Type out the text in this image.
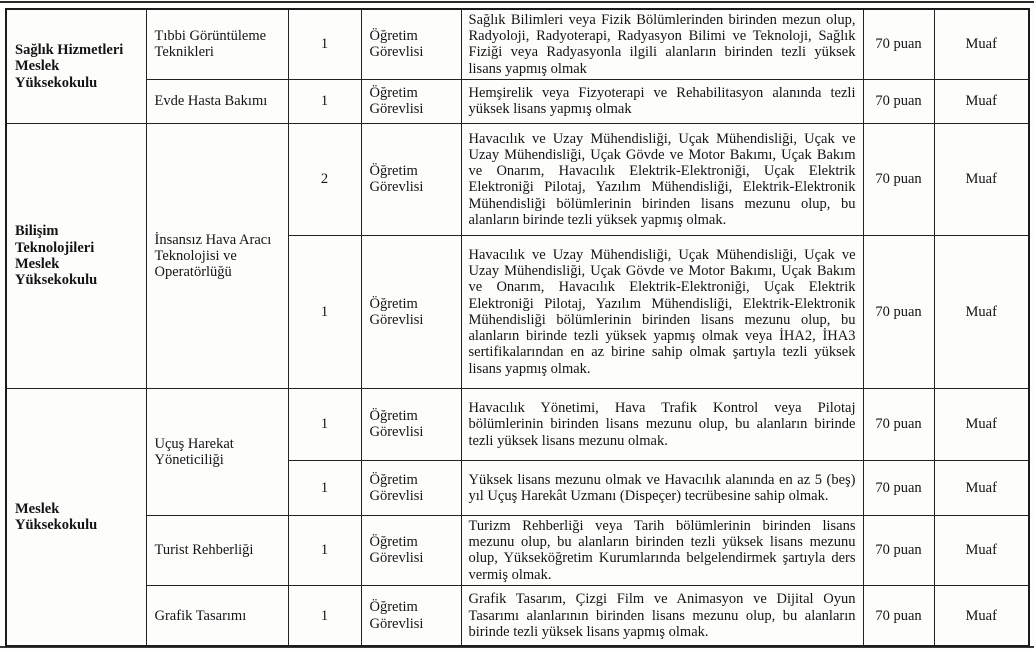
Sağlık Hizmetleri Meslek Yüksekokulu	Tıbbi Görüntüleme Teknikleri	1	Öğretim Görevlisi	Sağlık Bilimleri veya Fizik Bölümlerinden birinden mezun olup, Radyoloji, Radyoterapi, Radyasyon Bilimi ve Teknoloji, Sağlık Fiziği veya Radyasyonla ilgili alanların birinden tezli yüksek lisans yapmış olmak	70 puan	Muaf
	Evde Hasta Bakımı	1	Öğretim Görevlisi	Hemşirelik veya Fizyoterapi ve Rehabilitasyon alanında tezli yüksek lisans yapmış olmak	70 puan	Muaf
Bilişim Teknolojileri Meslek Yüksekokulu	İnsansız Hava Aracı Teknolojisi ve Operatörlüğü	2	Öğretim Görevlisi	Havacılık ve Uzay Mühendisliği, Uçak Mühendisliği, Uçak ve Uzay Mühendisliği, Uçak Gövde ve Motor Bakımı, Uçak Bakım ve Onarım, Havacılık Elektrik-Elektroniği, Uçak Elektrik Elektroniği Pilotaj, Yazılım Mühendisliği, Elektrik-Elektronik Mühendisliği bölümlerinin birinden lisans mezunu olup, bu alanların birinde tezli yüksek yapmış olmak.	70 puan	Muaf
		1	Öğretim Görevlisi	Havacılık ve Uzay Mühendisliği, Uçak Mühendisliği, Uçak ve Uzay Mühendisliği, Uçak Gövde ve Motor Bakımı, Uçak Bakım ve Onarım, Havacılık Elektrik-Elektroniği, Uçak Elektrik Elektroniği Pilotaj, Yazılım Mühendisliği, Elektrik-Elektronik Mühendisliği bölümlerinin birinden lisans mezunu olup, bu alanların birinde tezli yüksek yapmış olmak veya İHA2, İHA3 sertifikalarından en az birine sahip olmak şartıyla tezli yüksek lisans yapmış olmak.	70 puan	Muaf
Meslek Yüksekokulu	Uçuş Harekat Yöneticiliği	1	Öğretim Görevlisi	Havacılık Yönetimi, Hava Trafik Kontrol veya Pilotaj bölümlerinin birinden lisans mezunu olup, bu alanların birinde tezli yüksek lisans mezunu olmak.	70 puan	Muaf
		1	Öğretim Görevlisi	Yüksek lisans mezunu olmak ve Havacılık alanında en az 5 (beş) yıl Uçuş Harekât Uzmanı (Dispeçer) tecrübesine sahip olmak.	70 puan	Muaf
	Turist Rehberliği	1	Öğretim Görevlisi	Turizm Rehberliği veya Tarih bölümlerinin birinden lisans mezunu olup, bu alanların birinden tezli yüksek lisans mezunu olup, Yükseköğretim Kurumlarında belgelendirmek şartıyla ders vermiş olmak.	70 puan	Muaf
	Grafik Tasarımı	1	Öğretim Görevlisi	Grafik Tasarım, Çizgi Film ve Animasyon ve Dijital Oyun Tasarımı alanlarının birinden lisans mezunu olup, bu alanların birinde tezli yüksek lisans yapmış olmak.	70 puan	Muaf
